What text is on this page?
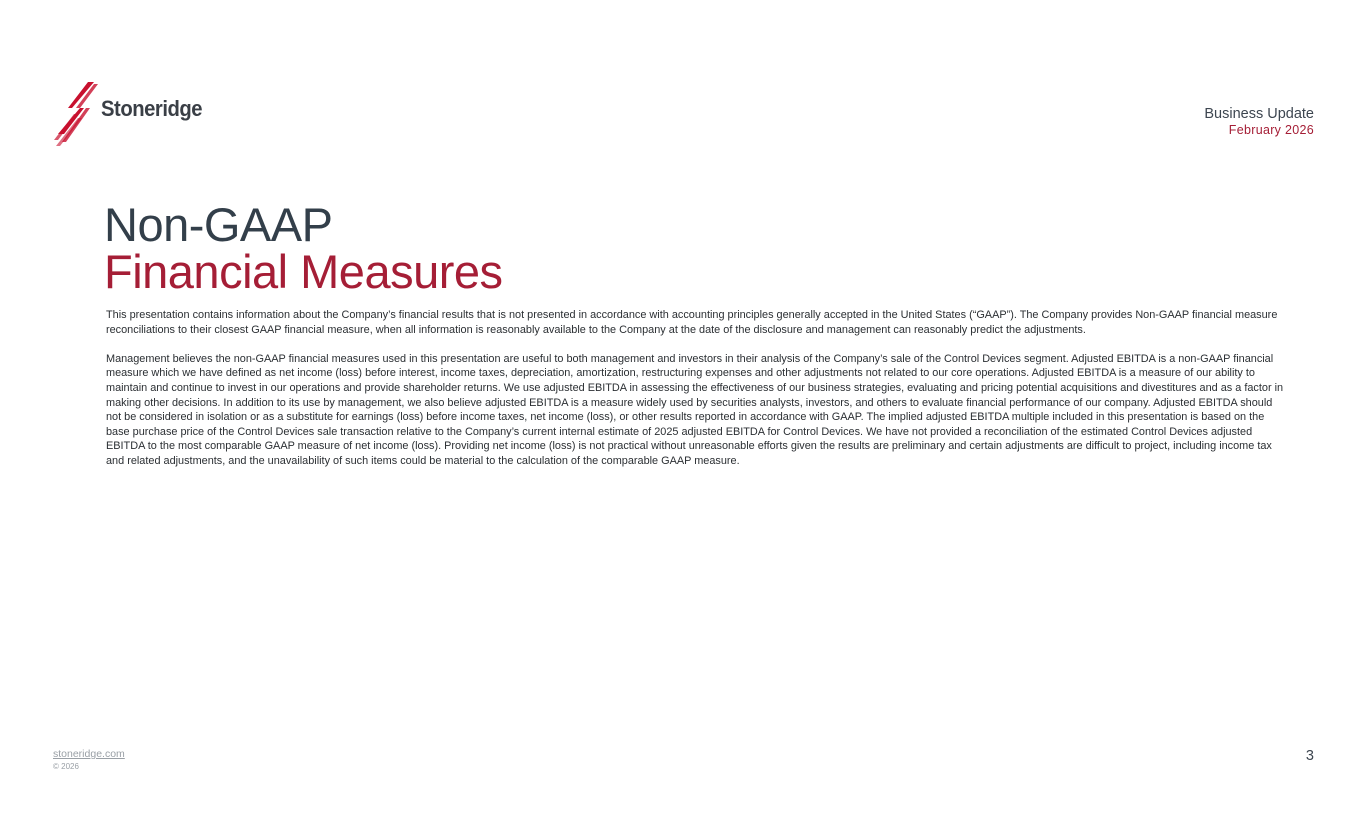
Stoneridge	Business Update
February 2026
Non-GAAP
Financial Measures

This presentation contains information about the Company’s financial results that is not presented in accordance with accounting principles generally accepted in the United States (“GAAP”). The Company provides Non-GAAP financial measure reconciliations to their closest GAAP financial measure, when all information is reasonably available to the Company at the date of the disclosure and management can reasonably predict the adjustments.

Management believes the non-GAAP financial measures used in this presentation are useful to both management and investors in their analysis of the Company’s sale of the Control Devices segment. Adjusted EBITDA is a non-GAAP financial measure which we have defined as net income (loss) before interest, income taxes, depreciation, amortization, restructuring expenses and other adjustments not related to our core operations. Adjusted EBITDA is a measure of our ability to maintain and continue to invest in our operations and provide shareholder returns. We use adjusted EBITDA in assessing the effectiveness of our business strategies, evaluating and pricing potential acquisitions and divestitures and as a factor in making other decisions. In addition to its use by management, we also believe adjusted EBITDA is a measure widely used by securities analysts, investors, and others to evaluate financial performance of our company. Adjusted EBITDA should not be considered in isolation or as a substitute for earnings (loss) before income taxes, net income (loss), or other results reported in accordance with GAAP. The implied adjusted EBITDA multiple included in this presentation is based on the base purchase price of the Control Devices sale transaction relative to the Company’s current internal estimate of 2025 adjusted EBITDA for Control Devices. We have not provided a reconciliation of the estimated Control Devices adjusted EBITDA to the most comparable GAAP measure of net income (loss). Providing net income (loss) is not practical without unreasonable efforts given the results are preliminary and certain adjustments are difficult to project, including income tax and related adjustments, and the unavailability of such items could be material to the calculation of the comparable GAAP measure.

stoneridge.com
© 2026
3
